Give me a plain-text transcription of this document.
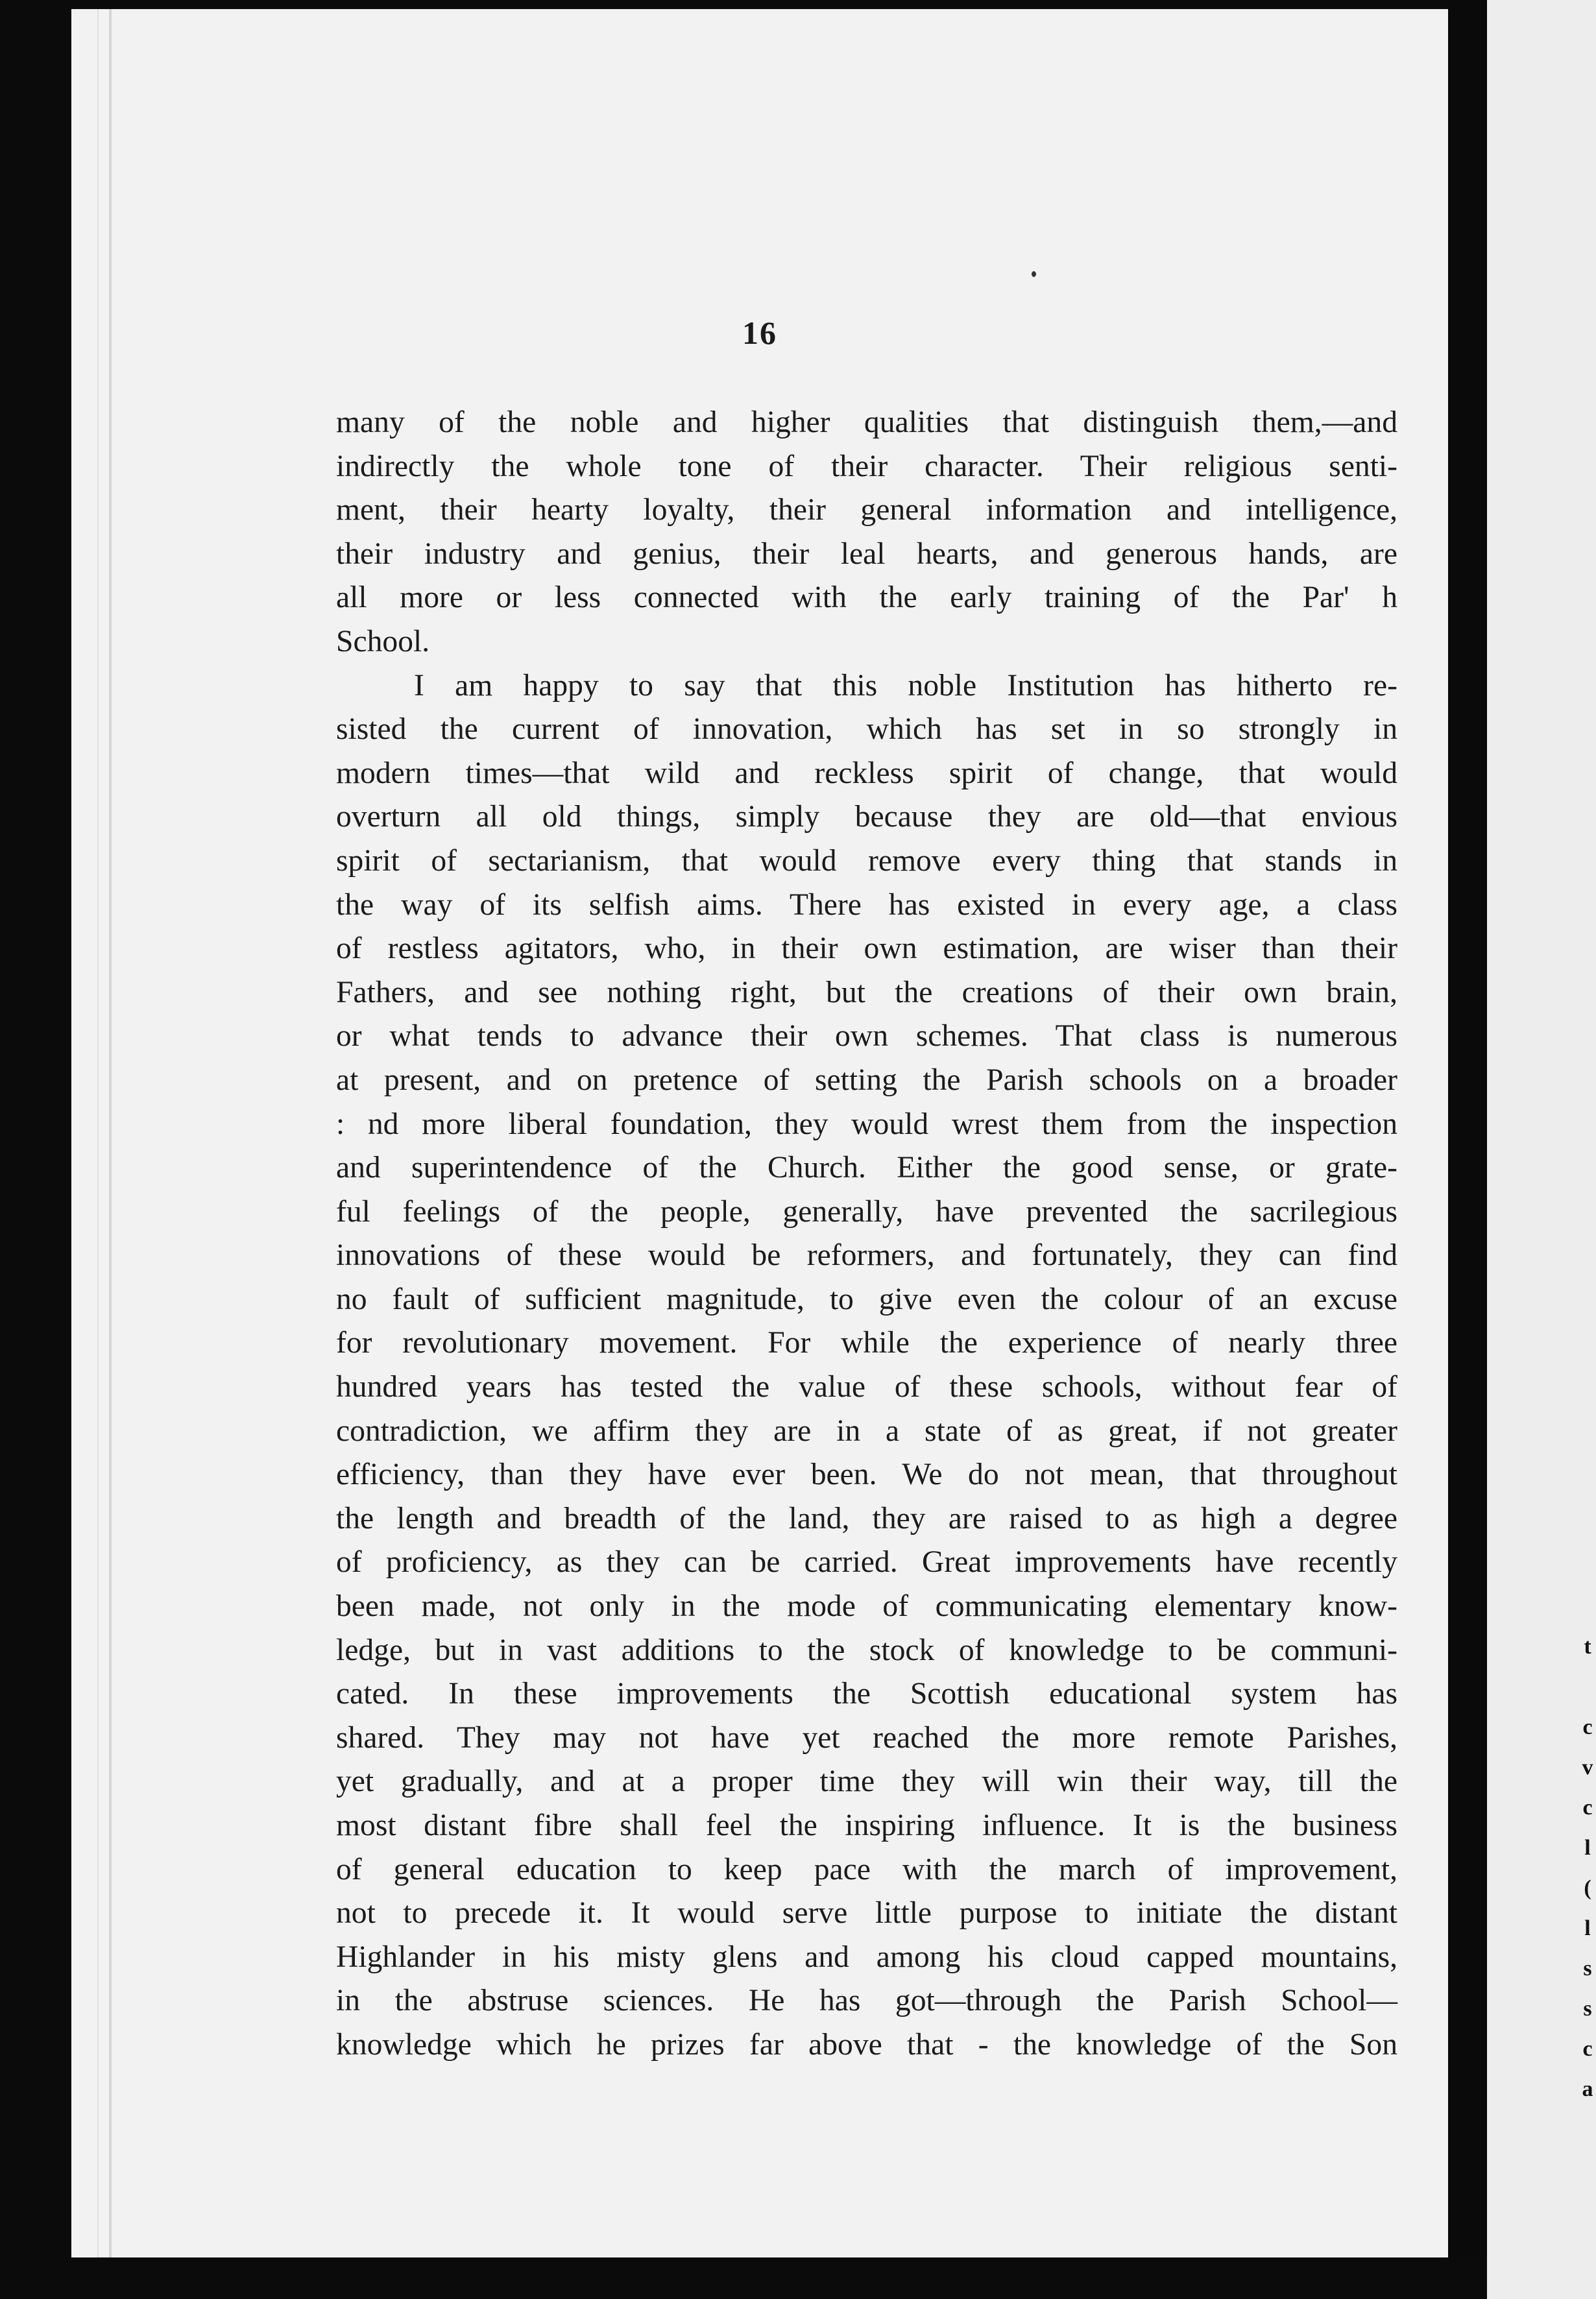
16
many of the noble and higher qualities that distinguish them,—and
indirectly the whole tone of their character. Their religious senti-
ment, their hearty loyalty, their general information and intelligence,
their industry and genius, their leal hearts, and generous hands, are
all more or less connected with the early training of the Par' h
School.
I am happy to say that this noble Institution has hitherto re-
sisted the current of innovation, which has set in so strongly in
modern times—that wild and reckless spirit of change, that would
overturn all old things, simply because they are old—that envious
spirit of sectarianism, that would remove every thing that stands in
the way of its selfish aims. There has existed in every age, a class
of restless agitators, who, in their own estimation, are wiser than their
Fathers, and see nothing right, but the creations of their own brain,
or what tends to advance their own schemes. That class is numerous
at present, and on pretence of setting the Parish schools on a broader
: nd more liberal foundation, they would wrest them from the inspection
and superintendence of the Church. Either the good sense, or grate-
ful feelings of the people, generally, have prevented the sacrilegious
innovations of these would be reformers, and fortunately, they can find
no fault of sufficient magnitude, to give even the colour of an excuse
for revolutionary movement. For while the experience of nearly three
hundred years has tested the value of these schools, without fear of
contradiction, we affirm they are in a state of as great, if not greater
efficiency, than they have ever been. We do not mean, that throughout
the length and breadth of the land, they are raised to as high a degree
of proficiency, as they can be carried. Great improvements have recently
been made, not only in the mode of communicating elementary know-
ledge, but in vast additions to the stock of knowledge to be communi-
cated. In these improvements the Scottish educational system has
shared. They may not have yet reached the more remote Parishes,
yet gradually, and at a proper time they will win their way, till the
most distant fibre shall feel the inspiring influence. It is the business
of general education to keep pace with the march of improvement,
not to precede it. It would serve little purpose to initiate the distant
Highlander in his misty glens and among his cloud capped mountains,
in the abstruse sciences. He has got—through the Parish School—
knowledge which he prizes far above that - the knowledge of the Son
t

c
v
c
l
(
l
s
s
c
a
